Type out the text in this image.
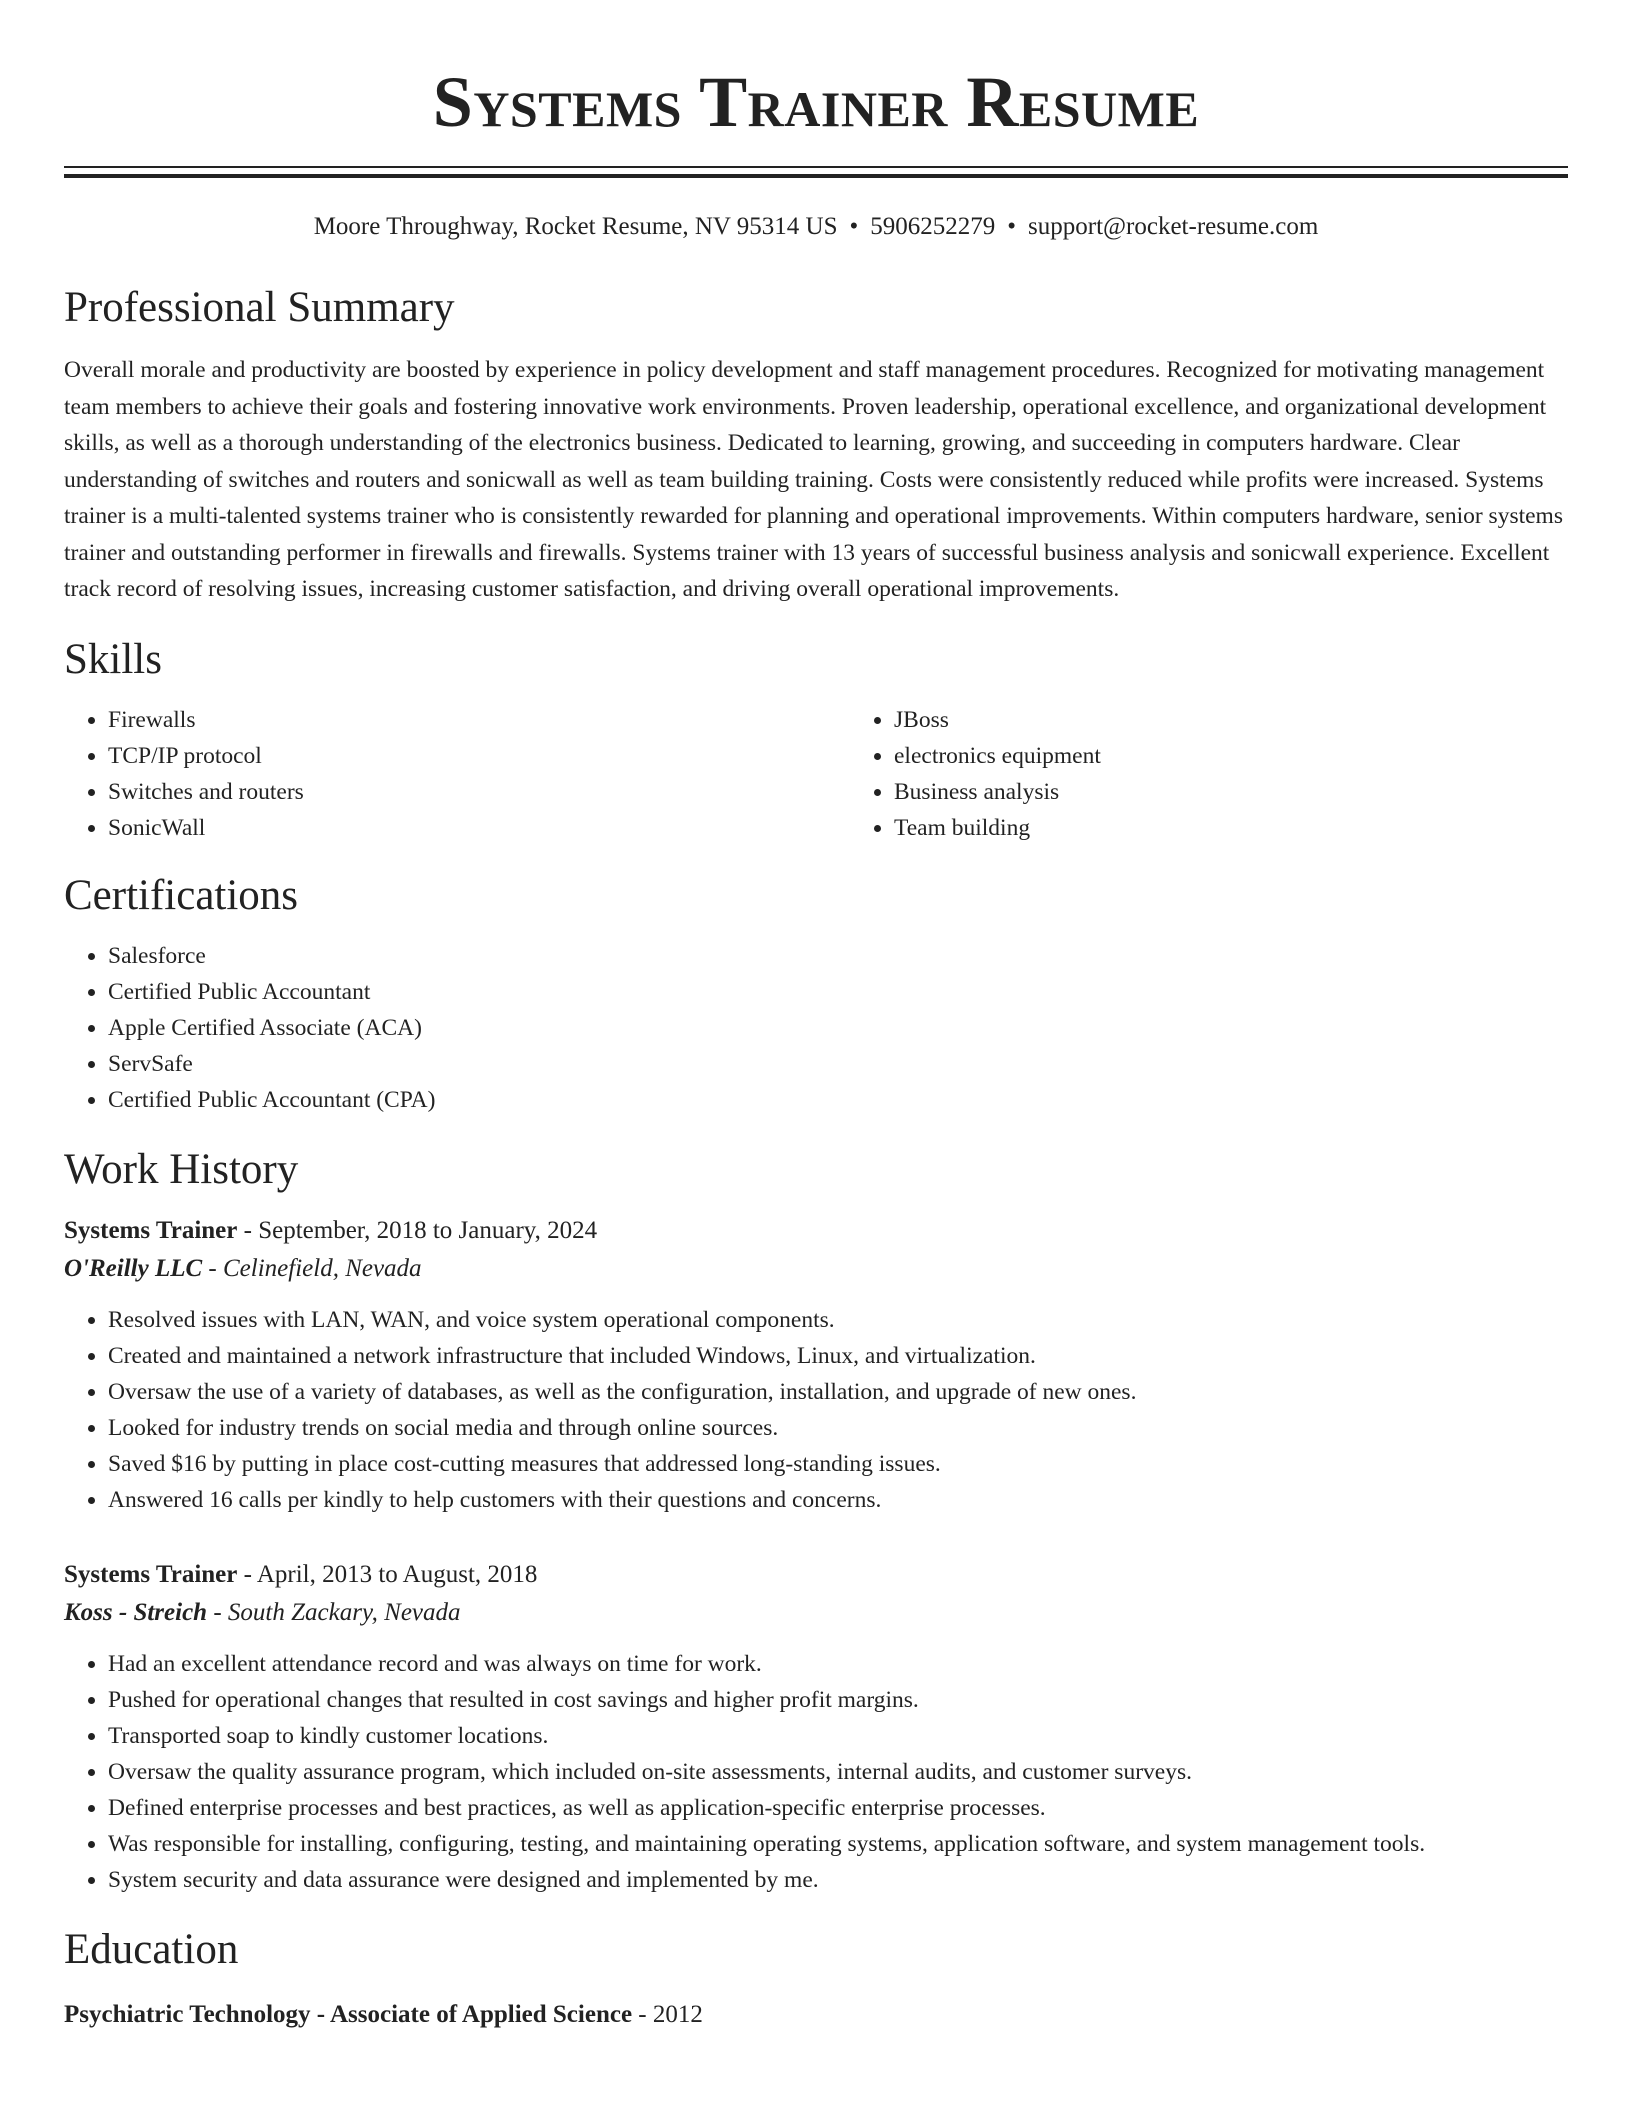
Systems Trainer Resume
Moore Throughway, Rocket Resume, NV 95314 US • 5906252279 • support@rocket-resume.com
Professional Summary

Overall morale and productivity are boosted by experience in policy development and staff management procedures. Recognized for motivating management team members to achieve their goals and fostering innovative work environments. Proven leadership, operational excellence, and organizational development skills, as well as a thorough understanding of the electronics business. Dedicated to learning, growing, and succeeding in computers hardware. Clear understanding of switches and routers and sonicwall as well as team building training. Costs were consistently reduced while profits were increased. Systems trainer is a multi-talented systems trainer who is consistently rewarded for planning and operational improvements. Within computers hardware, senior systems trainer and outstanding performer in firewalls and firewalls. Systems trainer with 13 years of successful business analysis and sonicwall experience. Excellent track record of resolving issues, increasing customer satisfaction, and driving overall operational improvements.

Skills
• Firewalls
• TCP/IP protocol
• Switches and routers
• SonicWall
• JBoss
• electronics equipment
• Business analysis
• Team building
Certifications
• Salesforce
• Certified Public Accountant
• Apple Certified Associate (ACA)
• ServSafe
• Certified Public Accountant (CPA)
Work History
Systems Trainer - September, 2018 to January, 2024
O'Reilly LLC - Celinefield, Nevada
• Resolved issues with LAN, WAN, and voice system operational components.
• Created and maintained a network infrastructure that included Windows, Linux, and virtualization.
• Oversaw the use of a variety of databases, as well as the configuration, installation, and upgrade of new ones.
• Looked for industry trends on social media and through online sources.
• Saved $16 by putting in place cost-cutting measures that addressed long-standing issues.
• Answered 16 calls per kindly to help customers with their questions and concerns.
Systems Trainer - April, 2013 to August, 2018
Koss - Streich - South Zackary, Nevada
• Had an excellent attendance record and was always on time for work.
• Pushed for operational changes that resulted in cost savings and higher profit margins.
• Transported soap to kindly customer locations.
• Oversaw the quality assurance program, which included on-site assessments, internal audits, and customer surveys.
• Defined enterprise processes and best practices, as well as application-specific enterprise processes.
• Was responsible for installing, configuring, testing, and maintaining operating systems, application software, and system management tools.
• System security and data assurance were designed and implemented by me.
Education
Psychiatric Technology - Associate of Applied Science - 2012
